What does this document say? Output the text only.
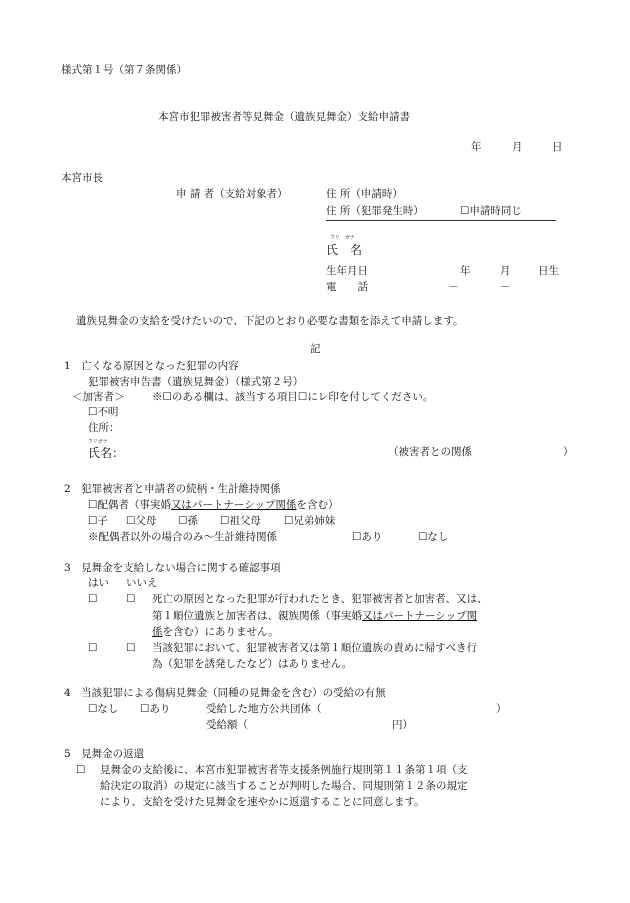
様式第１号（第７条関係）
本宮市犯罪被害者等見舞金（遺族見舞金）支給申請書
年	月	日
本宮市長
申 請 者（支給対象者）	住 所（申請時）
住 所（犯罪発生時）	☐申請時同じ
フリ　ガナ
氏　名
生年月日	年	月	日生
電　　話	－	－
遺族見舞金の支給を受けたいので、下記のとおり必要な書類を添えて申請します。
記
1　亡くなる原因となった犯罪の内容
犯罪被害申告書（遺族見舞金）（様式第２号）
＜加害者＞	※☐のある欄は、該当する項目☐にレ印を付してください。
☐不明
住所：
フリガナ
氏名：	（被害者との関係	）
2　犯罪被害者と申請者の続柄・生計維持関係
☐配偶者（事実婚又はパートナーシップ関係を含む）
☐子 ☐父母 ☐孫 ☐祖父母 ☐兄弟姉妹
※配偶者以外の場合のみ～生計維持関係	☐あり	☐なし
3　見舞金を支給しない場合に関する確認事項
はい いいえ
☐	☐ 死亡の原因となった犯罪が行われたとき、犯罪被害者と加害者、又は、
第１順位遺族と加害者は、親族関係（事実婚又はパートナーシップ関
係を含む）にありません。
☐	☐ 当該犯罪において、犯罪被害者又は第１順位遺族の責めに帰すべき行
為（犯罪を誘発したなど）はありません。
4　当該犯罪による傷病見舞金（同種の見舞金を含む）の受給の有無
☐なし ☐あり	受給した地方公共団体（	）
受給額（	円）
5　見舞金の返還
☐ 見舞金の支給後に、本宮市犯罪被害者等支援条例施行規則第１１条第１項（支
給決定の取消）の規定に該当することが判明した場合、同規則第１２条の規定
により、支給を受けた見舞金を速やかに返還することに同意します。
